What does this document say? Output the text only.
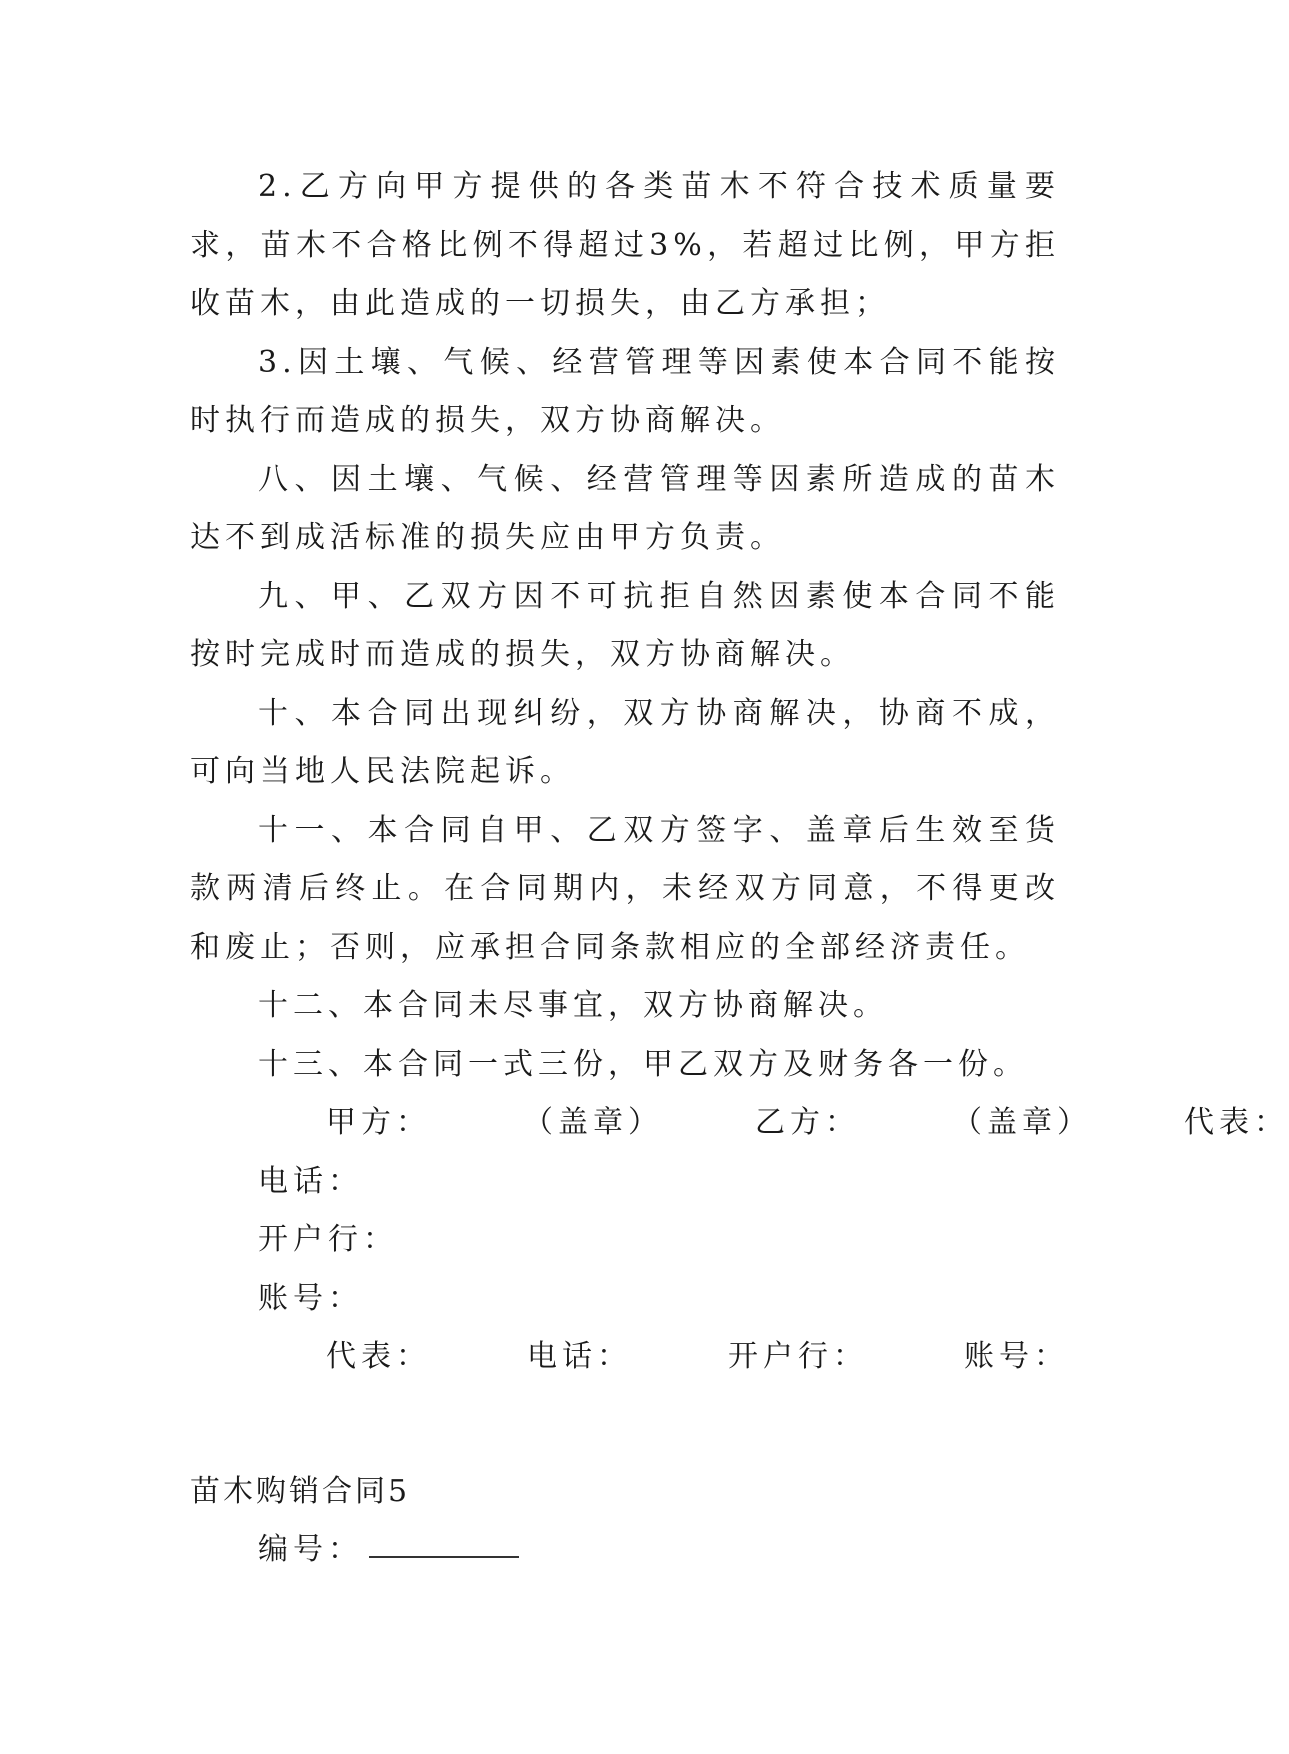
2.乙方向甲方提供的各类苗木不符合技术质量要求，苗木不合格比例不得超过3%，若超过比例，甲方拒收苗木，由此造成的一切损失，由乙方承担；

3.因土壤、气候、经营管理等因素使本合同不能按时执行而造成的损失，双方协商解决。

八、因土壤、气候、经营管理等因素所造成的苗木达不到成活标准的损失应由甲方负责。

九、甲、乙双方因不可抗拒自然因素使本合同不能按时完成时而造成的损失，双方协商解决。

十、本合同出现纠纷，双方协商解决，协商不成，可向当地人民法院起诉。

十一、本合同自甲、乙双方签字、盖章后生效至货款两清后终止。在合同期内，未经双方同意，不得更改和废止；否则，应承担合同条款相应的全部经济责任。

十二、本合同未尽事宜，双方协商解决。

十三、本合同一式三份，甲乙双方及财务各一份。

甲方：	（盖章）	乙方：	（盖章）	代表：

电话：

开户行：

账号：

代表：	电话：	开户行：	账号：

苗木购销合同5

编号：
